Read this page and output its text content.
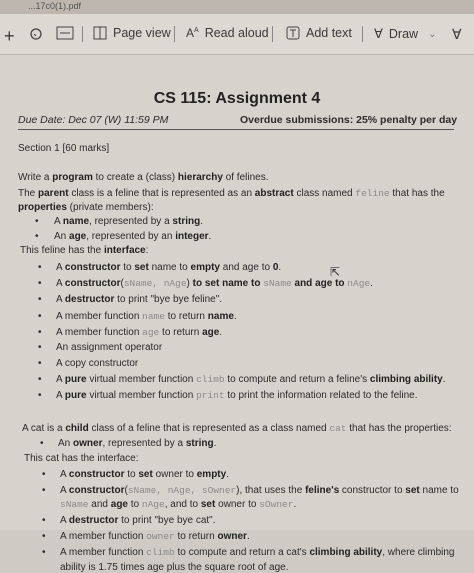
...17c0(1).pdf
+	Page view $A^A$ Read aloud	Add text ∀ Draw ⌄ ∀
CS 115: Assignment 4
Due Date: Dec 07 (W) 11:59 PM	Overdue submissions: 25% penalty per day
Section 1 [60 marks]
Write a program to create a (class) hierarchy of felines.
The parent class is a feline that is represented as an abstract class named feline that has the
properties (private members):
• A name, represented by a string.
• An age, represented by an integer.
This feline has the interface:
• A constructor to set name to empty and age to 0.	⇱
• A constructor(sName, nAge) to set name to sName and age to nAge.
• A destructor to print "bye bye feline".
• A member function name to return name.
• A member function age to return age.
• An assignment operator
• A copy constructor
• A pure virtual member function climb to compute and return a feline's climbing ability.
• A pure virtual member function print to print the information related to the feline.
A cat is a child class of a feline that is represented as a class named cat that has the properties:
• An owner, represented by a string.
This cat has the interface:
• A constructor to set owner to empty.
• A constructor(sName, nAge, sOwner), that uses the feline's constructor to set name to
sName and age to nAge, and to set owner to sOwner.
• A destructor to print "bye bye cat".
• A member function owner to return owner.
• A member function climb to compute and return a cat's climbing ability, where climbing
ability is 1.75 times age plus the square root of age.
